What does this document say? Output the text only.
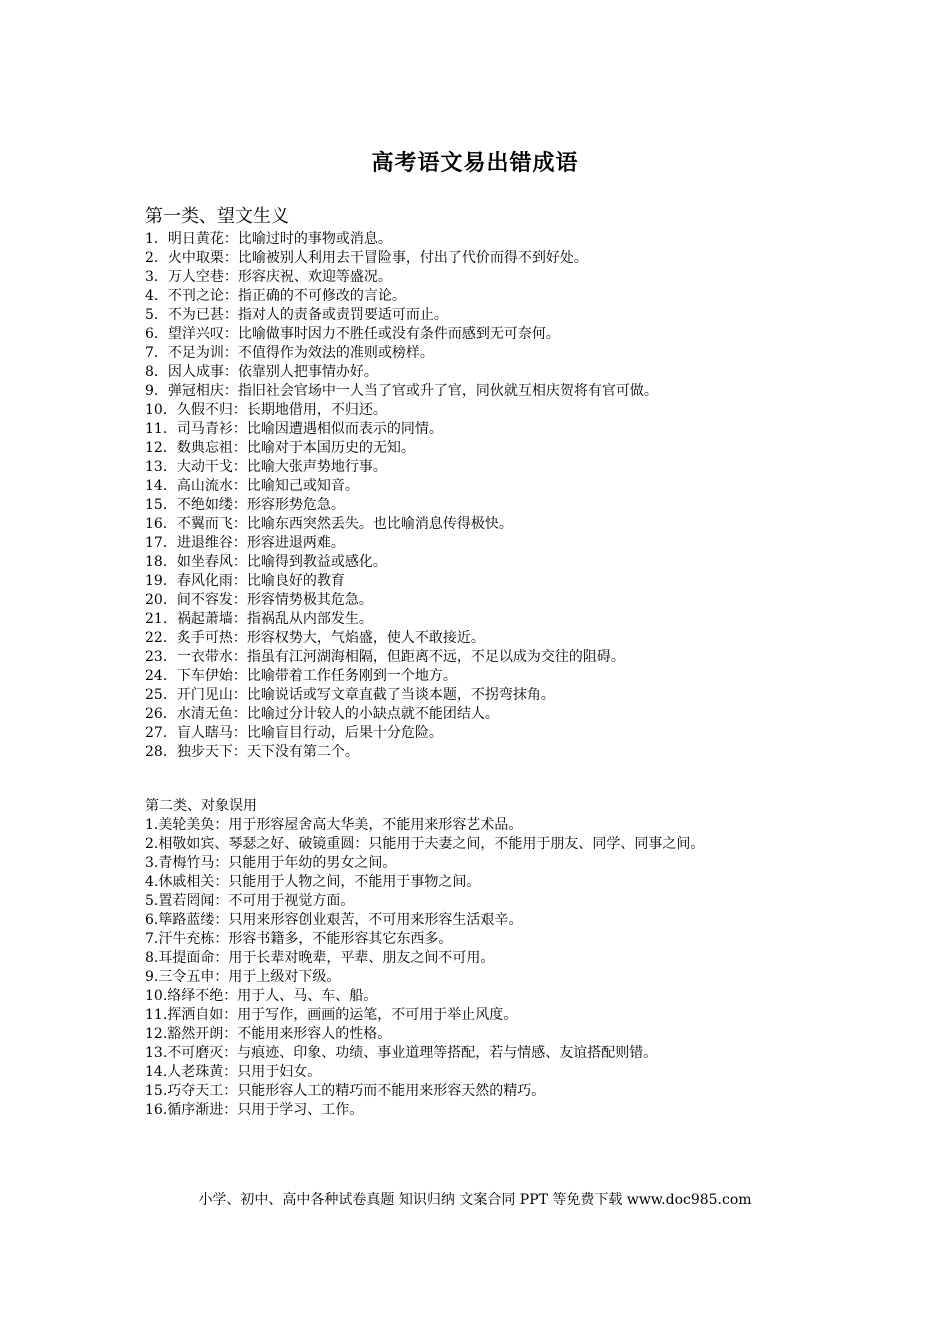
高考语文易出错成语
第一类、望文生义
1．明日黄花：比喻过时的事物或消息。
2．火中取栗：比喻被别人利用去干冒险事，付出了代价而得不到好处。
3．万人空巷：形容庆祝、欢迎等盛况。
4．不刊之论：指正确的不可修改的言论。
5．不为已甚：指对人的责备或责罚要适可而止。
6．望洋兴叹：比喻做事时因力不胜任或没有条件而感到无可奈何。
7．不足为训：不值得作为效法的准则或榜样。
8．因人成事：依靠别人把事情办好。
9．弹冠相庆：指旧社会官场中一人当了官或升了官，同伙就互相庆贺将有官可做。
10．久假不归：长期地借用，不归还。
11．司马青衫：比喻因遭遇相似而表示的同情。
12．数典忘祖：比喻对于本国历史的无知。
13．大动干戈：比喻大张声势地行事。
14．高山流水：比喻知己或知音。
15．不绝如缕：形容形势危急。
16．不翼而飞：比喻东西突然丢失。也比喻消息传得极快。
17．进退维谷：形容进退两难。
18．如坐春风：比喻得到教益或感化。
19．春风化雨：比喻良好的教育
20．间不容发：形容情势极其危急。
21．祸起萧墙：指祸乱从内部发生。
22．炙手可热：形容权势大，气焰盛，使人不敢接近。
23．一衣带水：指虽有江河湖海相隔，但距离不远，不足以成为交往的阻碍。
24．下车伊始：比喻带着工作任务刚到一个地方。
25．开门见山：比喻说话或写文章直截了当谈本题，不拐弯抹角。
26．水清无鱼：比喻过分计较人的小缺点就不能团结人。
27．盲人瞎马：比喻盲目行动，后果十分危险。
28．独步天下：天下没有第二个。
第二类、对象误用
1.美轮美奂：用于形容屋舍高大华美，不能用来形容艺术品。
2.相敬如宾、琴瑟之好、破镜重圆：只能用于夫妻之间，不能用于朋友、同学、同事之间。
3.青梅竹马：只能用于年幼的男女之间。
4.休戚相关：只能用于人物之间，不能用于事物之间。
5.置若罔闻：不可用于视觉方面。
6.筚路蓝缕：只用来形容创业艰苦，不可用来形容生活艰辛。
7.汗牛充栋：形容书籍多，不能形容其它东西多。
8.耳提面命：用于长辈对晚辈，平辈、朋友之间不可用。
9.三令五申：用于上级对下级。
10.络绎不绝：用于人、马、车、船。
11.挥洒自如：用于写作，画画的运笔，不可用于举止风度。
12.豁然开朗：不能用来形容人的性格。
13.不可磨灭：与痕迹、印象、功绩、事业道理等搭配，若与情感、友谊搭配则错。
14.人老珠黄：只用于妇女。
15.巧夺天工：只能形容人工的精巧而不能用来形容天然的精巧。
16.循序渐进：只用于学习、工作。
小学、初中、高中各种试卷真题 知识归纳 文案合同 PPT 等免费下载 www.doc985.com
